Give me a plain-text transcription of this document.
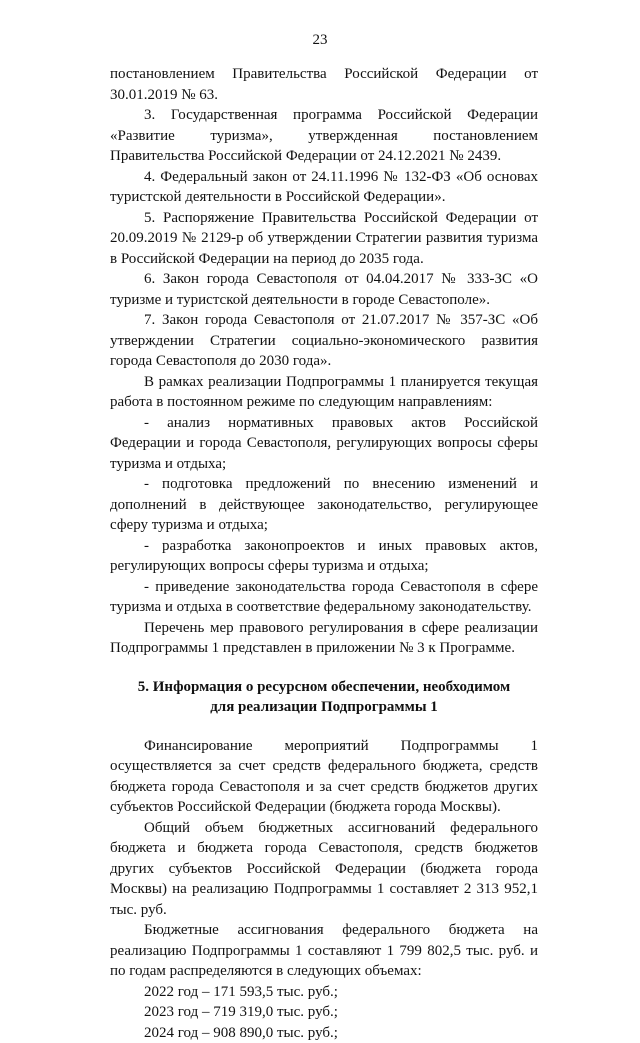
23

постановлением Правительства Российской Федерации от 30.01.2019 № 63.

3. Государственная программа Российской Федерации «Развитие туризма», утвержденная постановлением Правительства Российской Федерации от 24.12.2021 № 2439.

4. Федеральный закон от 24.11.1996 № 132-ФЗ «Об основах туристской деятельности в Российской Федерации».

5. Распоряжение Правительства Российской Федерации от 20.09.2019 № 2129-р об утверждении Стратегии развития туризма в Российской Федерации на период до 2035 года.

6. Закон города Севастополя от 04.04.2017 № 333-ЗС «О туризме и туристской деятельности в городе Севастополе».

7. Закон города Севастополя от 21.07.2017 № 357-ЗС «Об утверждении Стратегии социально-экономического развития города Севастополя до 2030 года».

В рамках реализации Подпрограммы 1 планируется текущая работа в постоянном режиме по следующим направлениям:

- анализ нормативных правовых актов Российской Федерации и города Севастополя, регулирующих вопросы сферы туризма и отдыха;

- подготовка предложений по внесению изменений и дополнений в действующее законодательство, регулирующее сферу туризма и отдыха;

- разработка законопроектов и иных правовых актов, регулирующих вопросы сферы туризма и отдыха;

- приведение законодательства города Севастополя в сфере туризма и отдыха в соответствие федеральному законодательству.

Перечень мер правового регулирования в сфере реализации Подпрограммы 1 представлен в приложении № 3 к Программе.

5. Информация о ресурсном обеспечении, необходимом

для реализации Подпрограммы 1

Финансирование мероприятий Подпрограммы 1 осуществляется за счет средств федерального бюджета, средств бюджета города Севастополя и за счет средств бюджетов других субъектов Российской Федерации (бюджета города Москвы).

Общий объем бюджетных ассигнований федерального бюджета и бюджета города Севастополя, средств бюджетов других субъектов Российской Федерации (бюджета города Москвы) на реализацию Подпрограммы 1 составляет 2 313 952,1 тыс. руб.

Бюджетные ассигнования федерального бюджета на реализацию Подпрограммы 1 составляют 1 799 802,5 тыс. руб. и по годам распределяются в следующих объемах:

2022 год – 171 593,5 тыс. руб.;

2023 год – 719 319,0 тыс. руб.;

2024 год – 908 890,0 тыс. руб.;
